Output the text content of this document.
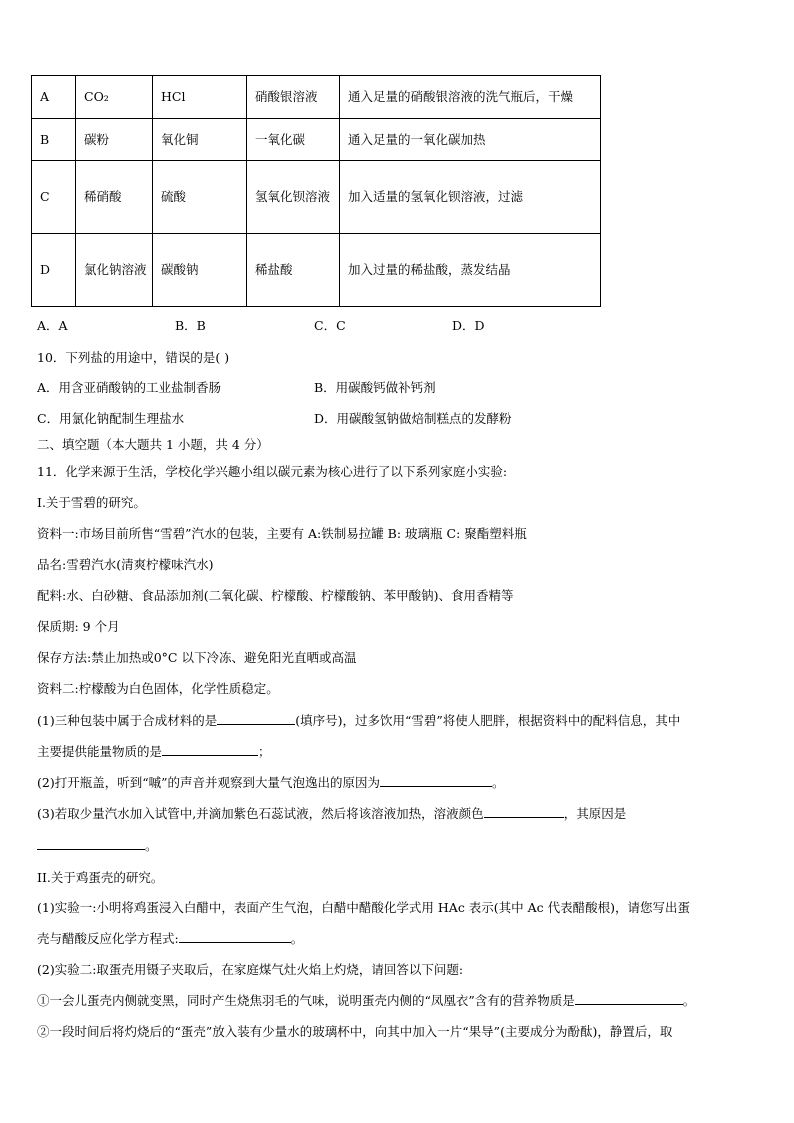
A	CO₂	HCl	硝酸银溶液	通入足量的硝酸银溶液的洗气瓶后，干燥
B	碳粉	氧化铜	一氧化碳	通入足量的一氧化碳加热
C	稀硝酸	硫酸	氢氧化钡溶液	加入适量的氢氧化钡溶液，过滤
D	氯化钠溶液	碳酸钠	稀盐酸	加入过量的稀盐酸，蒸发结晶
A．A	B．B	C．C	D．D
10．下列盐的用途中，错误的是( )
A．用含亚硝酸钠的工业盐制香肠	B．用碳酸钙做补钙剂
C．用氯化钠配制生理盐水	D．用碳酸氢钠做焙制糕点的发酵粉
二、填空题（本大题共 1 小题，共 4 分）
11．化学来源于生活，学校化学兴趣小组以碳元素为核心进行了以下系列家庭小实验:
I.关于雪碧的研究。
资料一:市场目前所售“雪碧”汽水的包装，主要有 A:铁制易拉罐 B: 玻璃瓶 C: 聚酯塑料瓶
品名:雪碧汽水(清爽柠檬味汽水)
配料:水、白砂糖、食品添加剂(二氧化碳、柠檬酸、柠檬酸钠、苯甲酸钠)、食用香精等
保质期: 9 个月
保存方法:禁止加热或0°C 以下冷冻、避免阳光直晒或高温
资料二:柠檬酸为白色固体，化学性质稳定。
(1)三种包装中属于合成材料的是	(填序号)，过多饮用“雪碧”将使人肥胖，根据资料中的配料信息，其中
主要提供能量物质的是	；
(2)打开瓶盖，听到“嘁”的声音并观察到大量气泡逸出的原因为	。
(3)若取少量汽水加入试管中,并滴加紫色石蕊试液，然后将该溶液加热，溶液颜色	，其原因是
。
II.关于鸡蛋壳的研究。
(1)实验一:小明将鸡蛋浸入白醋中，表面产生气泡，白醋中醋酸化学式用 HAc 表示(其中 Ac 代表醋酸根)，请您写出蛋
壳与醋酸反应化学方程式:	。
(2)实验二:取蛋壳用镊子夹取后，在家庭煤气灶火焰上灼烧，请回答以下问题:
①一会儿蛋壳内侧就变黑，同时产生烧焦羽毛的气味，说明蛋壳内侧的“凤凰衣”含有的营养物质是	。
②一段时间后将灼烧后的“蛋壳”放入装有少量水的玻璃杯中，向其中加入一片“果导”(主要成分为酚酞)，静置后，取
